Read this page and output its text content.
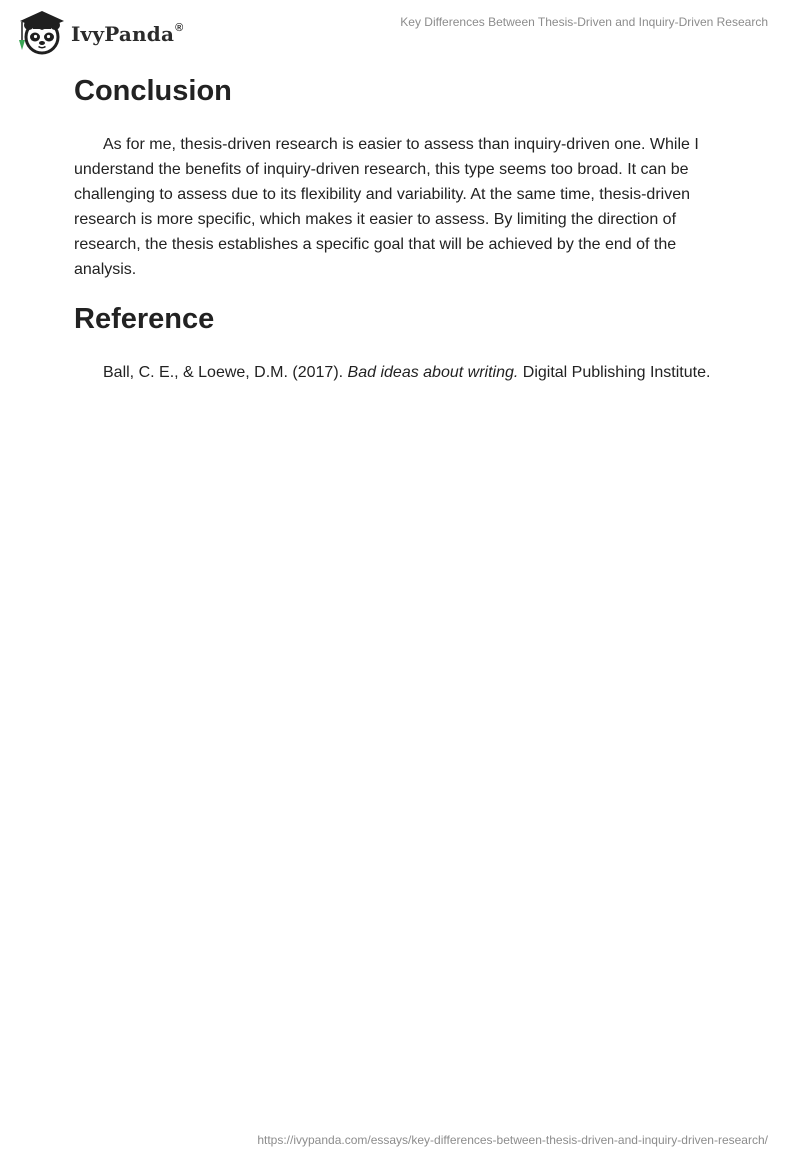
IvyPanda®	Key Differences Between Thesis-Driven and Inquiry-Driven Research
Conclusion

As for me, thesis-driven research is easier to assess than inquiry-driven one. While I understand the benefits of inquiry-driven research, this type seems too broad. It can be challenging to assess due to its flexibility and variability. At the same time, thesis-driven research is more specific, which makes it easier to assess. By limiting the direction of research, the thesis establishes a specific goal that will be achieved by the end of the analysis.

Reference

Ball, C. E., & Loewe, D.M. (2017). Bad ideas about writing. Digital Publishing Institute.

https://ivypanda.com/essays/key-differences-between-thesis-driven-and-inquiry-driven-research/
